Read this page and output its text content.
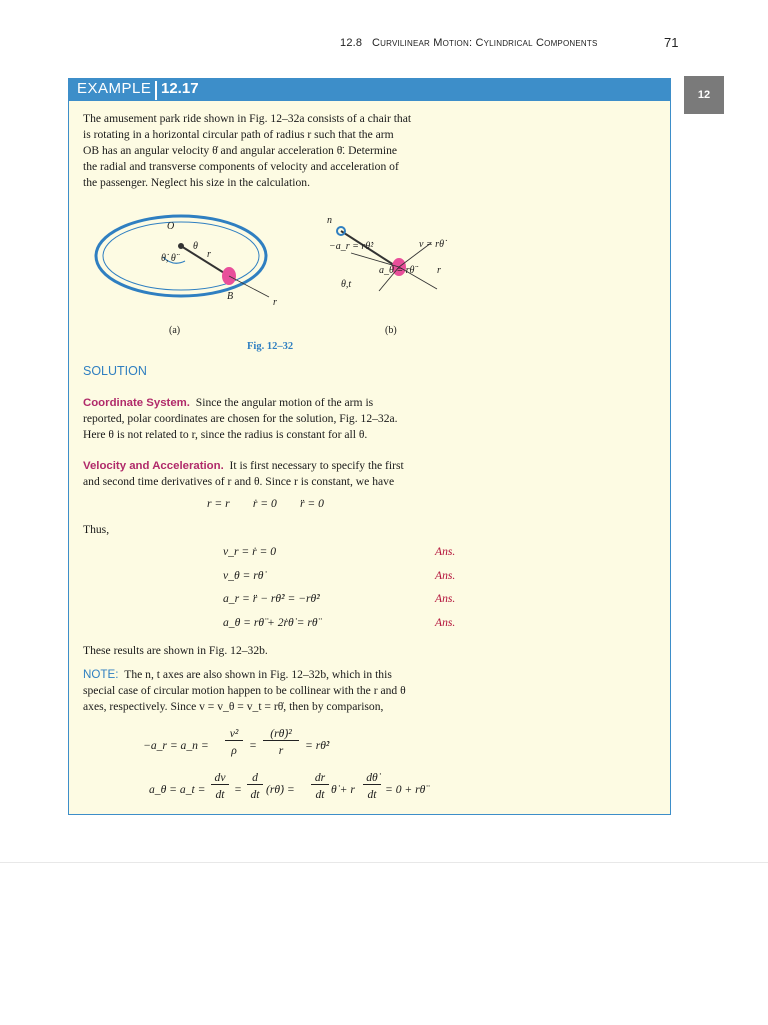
12.8 Curvilinear Motion: Cylindrical Components	71
12
EXAMPLE 12.17
The amusement park ride shown in Fig. 12–32a consists of a chair that
is rotating in a horizontal circular path of radius r such that the arm
OB has an angular velocity θ̇ and angular acceleration θ̈. Determine
the radial and transverse components of velocity and acceleration of
the passenger. Neglect his size in the calculation.
O
θ
θ̇, θ̈	r
B
r
(a)
n
−a_r = rθ̇²	v = rθ̇
a_θ = rθ̈ r
θ,t
(b)
Fig. 12–32
SOLUTION
Coordinate System. Since the angular motion of the arm is
reported, polar coordinates are chosen for the solution, Fig. 12–32a.
Here θ is not related to r, since the radius is constant for all θ.
Velocity and Acceleration. It is first necessary to specify the first
and second time derivatives of r and θ. Since r is constant, we have
r = r        ṙ = 0        r̈ = 0
Thus,
v_r = ṙ = 0	Ans.
v_θ = rθ̇	Ans.
a_r = r̈ − rθ̇² = −rθ̇²	Ans.
a_θ = rθ̈ + 2ṙθ̇ = rθ̈	Ans.
These results are shown in Fig. 12–32b.
NOTE: The n, t axes are also shown in Fig. 12–32b, which in this
special case of circular motion happen to be collinear with the r and θ
axes, respectively. Since v = v_θ = v_t = rθ̇, then by comparison,
−a_r = a_n =
v²
ρ	=
(rθ̇)²
r	= rθ̇²
a_θ = a_t =
dv
dt =
d
dt (rθ̇) =
dr
dt θ̇ + r
dθ̇
dt = 0 + rθ̈
